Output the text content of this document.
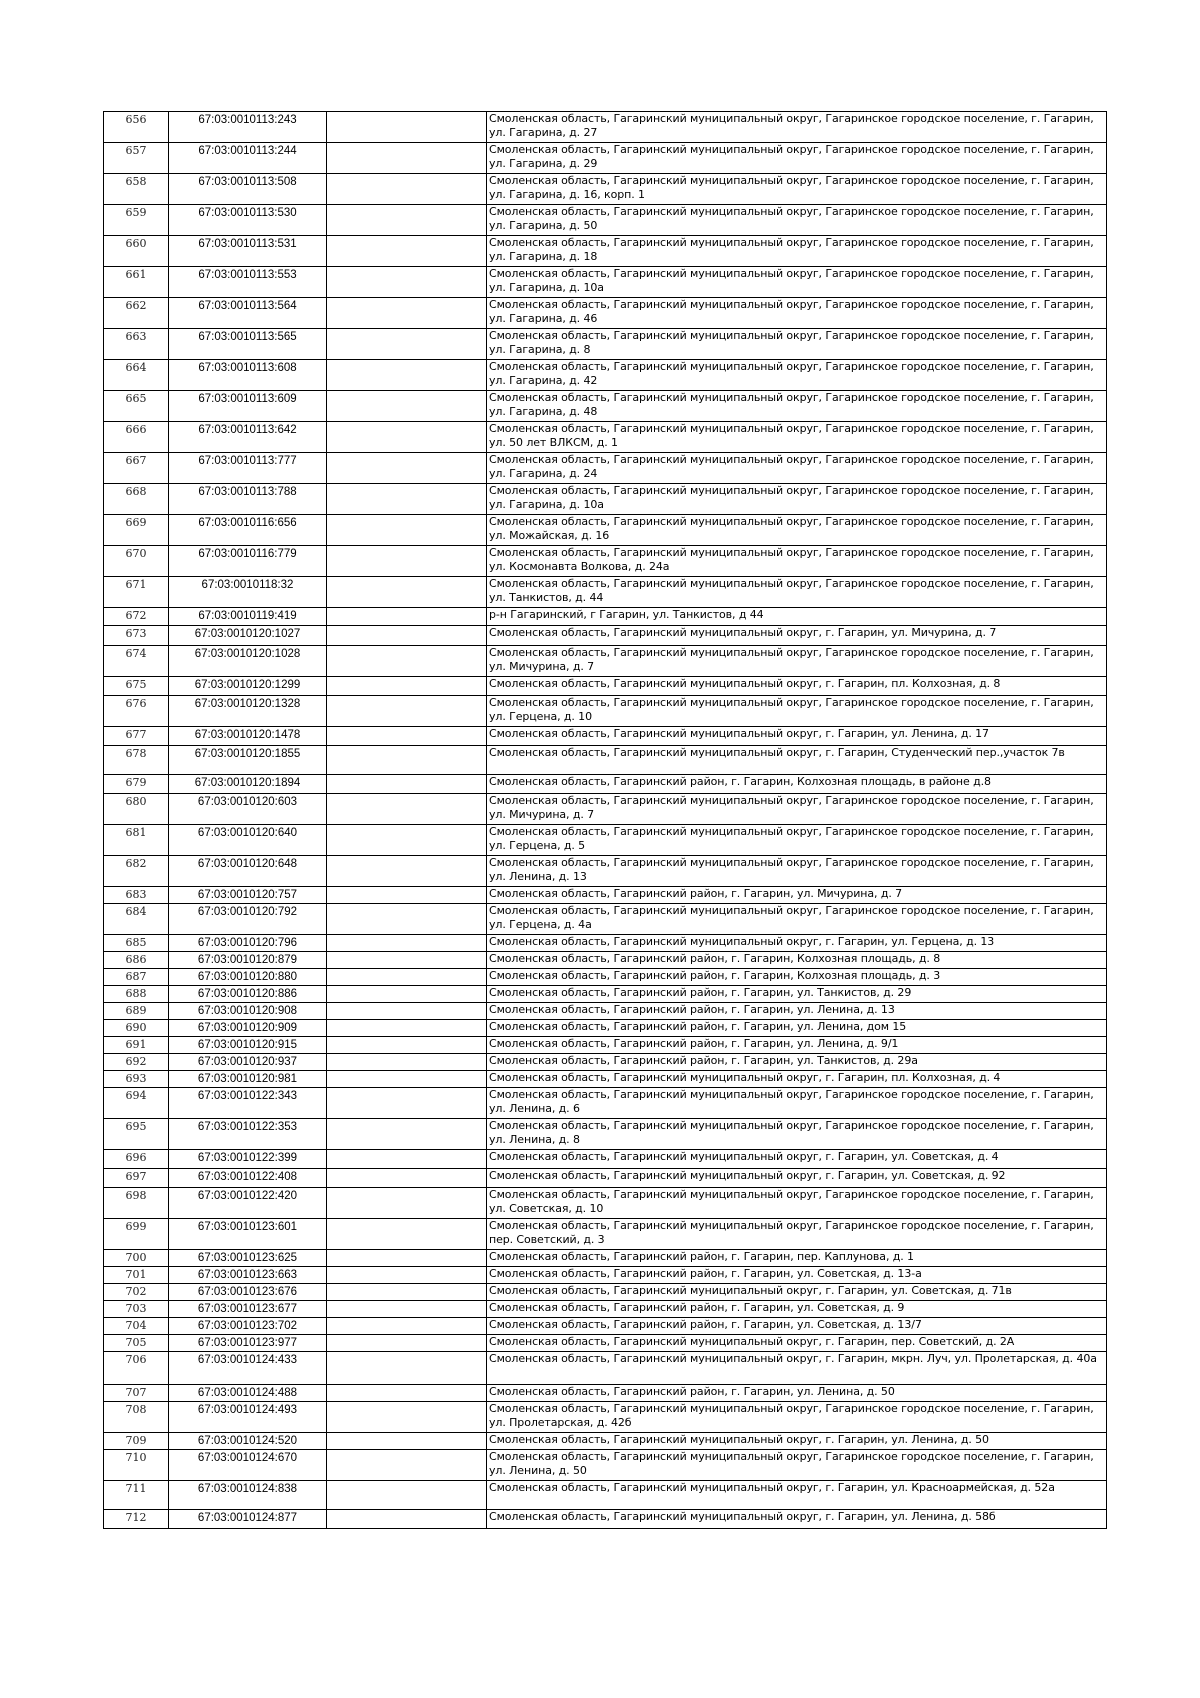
656	67:03:0010113:243		Смоленская область, Гагаринский муниципальный округ, Гагаринское городское поселение, г. Гагарин, ул. Гагарина, д. 27
657	67:03:0010113:244		Смоленская область, Гагаринский муниципальный округ, Гагаринское городское поселение, г. Гагарин, ул. Гагарина, д. 29
658	67:03:0010113:508		Смоленская область, Гагаринский муниципальный округ, Гагаринское городское поселение, г. Гагарин, ул. Гагарина, д. 16, корп. 1
659	67:03:0010113:530		Смоленская область, Гагаринский муниципальный округ, Гагаринское городское поселение, г. Гагарин, ул. Гагарина, д. 50
660	67:03:0010113:531		Смоленская область, Гагаринский муниципальный округ, Гагаринское городское поселение, г. Гагарин, ул. Гагарина, д. 18
661	67:03:0010113:553		Смоленская область, Гагаринский муниципальный округ, Гагаринское городское поселение, г. Гагарин, ул. Гагарина, д. 10а
662	67:03:0010113:564		Смоленская область, Гагаринский муниципальный округ, Гагаринское городское поселение, г. Гагарин, ул. Гагарина, д. 46
663	67:03:0010113:565		Смоленская область, Гагаринский муниципальный округ, Гагаринское городское поселение, г. Гагарин, ул. Гагарина, д. 8
664	67:03:0010113:608		Смоленская область, Гагаринский муниципальный округ, Гагаринское городское поселение, г. Гагарин, ул. Гагарина, д. 42
665	67:03:0010113:609		Смоленская область, Гагаринский муниципальный округ, Гагаринское городское поселение, г. Гагарин, ул. Гагарина, д. 48
666	67:03:0010113:642		Смоленская область, Гагаринский муниципальный округ, Гагаринское городское поселение, г. Гагарин, ул. 50 лет ВЛКСМ, д. 1
667	67:03:0010113:777		Смоленская область, Гагаринский муниципальный округ, Гагаринское городское поселение, г. Гагарин, ул. Гагарина, д. 24
668	67:03:0010113:788		Смоленская область, Гагаринский муниципальный округ, Гагаринское городское поселение, г. Гагарин, ул. Гагарина, д. 10а
669	67:03:0010116:656		Смоленская область, Гагаринский муниципальный округ, Гагаринское городское поселение, г. Гагарин, ул. Можайская, д. 16
670	67:03:0010116:779		Смоленская область, Гагаринский муниципальный округ, Гагаринское городское поселение, г. Гагарин, ул. Космонавта Волкова, д. 24а
671	67:03:0010118:32		Смоленская область, Гагаринский муниципальный округ, Гагаринское городское поселение, г. Гагарин, ул. Танкистов, д. 44
672	67:03:0010119:419		р-н Гагаринский, г Гагарин, ул. Танкистов, д 44
673	67:03:0010120:1027		Смоленская область, Гагаринский муниципальный округ, г. Гагарин, ул. Мичурина, д. 7
674	67:03:0010120:1028		Смоленская область, Гагаринский муниципальный округ, Гагаринское городское поселение, г. Гагарин, ул. Мичурина, д. 7
675	67:03:0010120:1299		Смоленская область, Гагаринский муниципальный округ, г. Гагарин, пл. Колхозная, д. 8
676	67:03:0010120:1328		Смоленская область, Гагаринский муниципальный округ, Гагаринское городское поселение, г. Гагарин, ул. Герцена, д. 10
677	67:03:0010120:1478		Смоленская область, Гагаринский муниципальный округ, г. Гагарин, ул. Ленина, д. 17
678	67:03:0010120:1855		Смоленская область, Гагаринский муниципальный округ, г. Гагарин, Студенческий пер.,участок 7в
679	67:03:0010120:1894		Смоленская область, Гагаринский район, г. Гагарин, Колхозная площадь, в районе д.8
680	67:03:0010120:603		Смоленская область, Гагаринский муниципальный округ, Гагаринское городское поселение, г. Гагарин, ул. Мичурина, д. 7
681	67:03:0010120:640		Смоленская область, Гагаринский муниципальный округ, Гагаринское городское поселение, г. Гагарин, ул. Герцена, д. 5
682	67:03:0010120:648		Смоленская область, Гагаринский муниципальный округ, Гагаринское городское поселение, г. Гагарин, ул. Ленина, д. 13
683	67:03:0010120:757		Смоленская область, Гагаринский район, г. Гагарин, ул. Мичурина, д. 7
684	67:03:0010120:792		Смоленская область, Гагаринский муниципальный округ, Гагаринское городское поселение, г. Гагарин, ул. Герцена, д. 4а
685	67:03:0010120:796		Смоленская область, Гагаринский муниципальный округ, г. Гагарин, ул. Герцена, д. 13
686	67:03:0010120:879		Смоленская область, Гагаринский район, г. Гагарин, Колхозная площадь, д. 8
687	67:03:0010120:880		Смоленская область, Гагаринский район, г. Гагарин, Колхозная площадь, д. 3
688	67:03:0010120:886		Смоленская область, Гагаринский район, г. Гагарин, ул. Танкистов, д. 29
689	67:03:0010120:908		Смоленская область, Гагаринский район, г. Гагарин, ул. Ленина, д. 13
690	67:03:0010120:909		Смоленская область, Гагаринский район, г. Гагарин, ул. Ленина, дом 15
691	67:03:0010120:915		Смоленская область, Гагаринский район, г. Гагарин, ул. Ленина, д. 9/1
692	67:03:0010120:937		Смоленская область, Гагаринский район, г. Гагарин, ул. Танкистов, д. 29а
693	67:03:0010120:981		Смоленская область, Гагаринский муниципальный округ, г. Гагарин, пл. Колхозная, д. 4
694	67:03:0010122:343		Смоленская область, Гагаринский муниципальный округ, Гагаринское городское поселение, г. Гагарин, ул. Ленина, д. 6
695	67:03:0010122:353		Смоленская область, Гагаринский муниципальный округ, Гагаринское городское поселение, г. Гагарин, ул. Ленина, д. 8
696	67:03:0010122:399		Смоленская область, Гагаринский муниципальный округ, г. Гагарин, ул. Советская, д. 4
697	67:03:0010122:408		Смоленская область, Гагаринский муниципальный округ, г. Гагарин, ул. Советская, д. 92
698	67:03:0010122:420		Смоленская область, Гагаринский муниципальный округ, Гагаринское городское поселение, г. Гагарин, ул. Советская, д. 10
699	67:03:0010123:601		Смоленская область, Гагаринский муниципальный округ, Гагаринское городское поселение, г. Гагарин, пер. Советский, д. 3
700	67:03:0010123:625		Смоленская область, Гагаринский район, г. Гагарин, пер. Каплунова, д. 1
701	67:03:0010123:663		Смоленская область, Гагаринский район, г. Гагарин, ул. Советская, д. 13-а
702	67:03:0010123:676		Смоленская область, Гагаринский муниципальный округ, г. Гагарин, ул. Советская, д. 71в
703	67:03:0010123:677		Смоленская область, Гагаринский район, г. Гагарин, ул. Советская, д. 9
704	67:03:0010123:702		Смоленская область, Гагаринский район, г. Гагарин, ул. Советская, д. 13/7
705	67:03:0010123:977		Смоленская область, Гагаринский муниципальный округ, г. Гагарин, пер. Советский, д. 2А
706	67:03:0010124:433		Смоленская область, Гагаринский муниципальный округ, г. Гагарин, мкрн. Луч, ул. Пролетарская, д. 40а
707	67:03:0010124:488		Смоленская область, Гагаринский район, г. Гагарин, ул. Ленина, д. 50
708	67:03:0010124:493		Смоленская область, Гагаринский муниципальный округ, Гагаринское городское поселение, г. Гагарин, ул. Пролетарская, д. 42б
709	67:03:0010124:520		Смоленская область, Гагаринский муниципальный округ, г. Гагарин, ул. Ленина, д. 50
710	67:03:0010124:670		Смоленская область, Гагаринский муниципальный округ, Гагаринское городское поселение, г. Гагарин, ул. Ленина, д. 50
711	67:03:0010124:838		Смоленская область, Гагаринский муниципальный округ, г. Гагарин, ул. Красноармейская, д. 52а
712	67:03:0010124:877		Смоленская область, Гагаринский муниципальный округ, г. Гагарин, ул. Ленина, д. 58б
